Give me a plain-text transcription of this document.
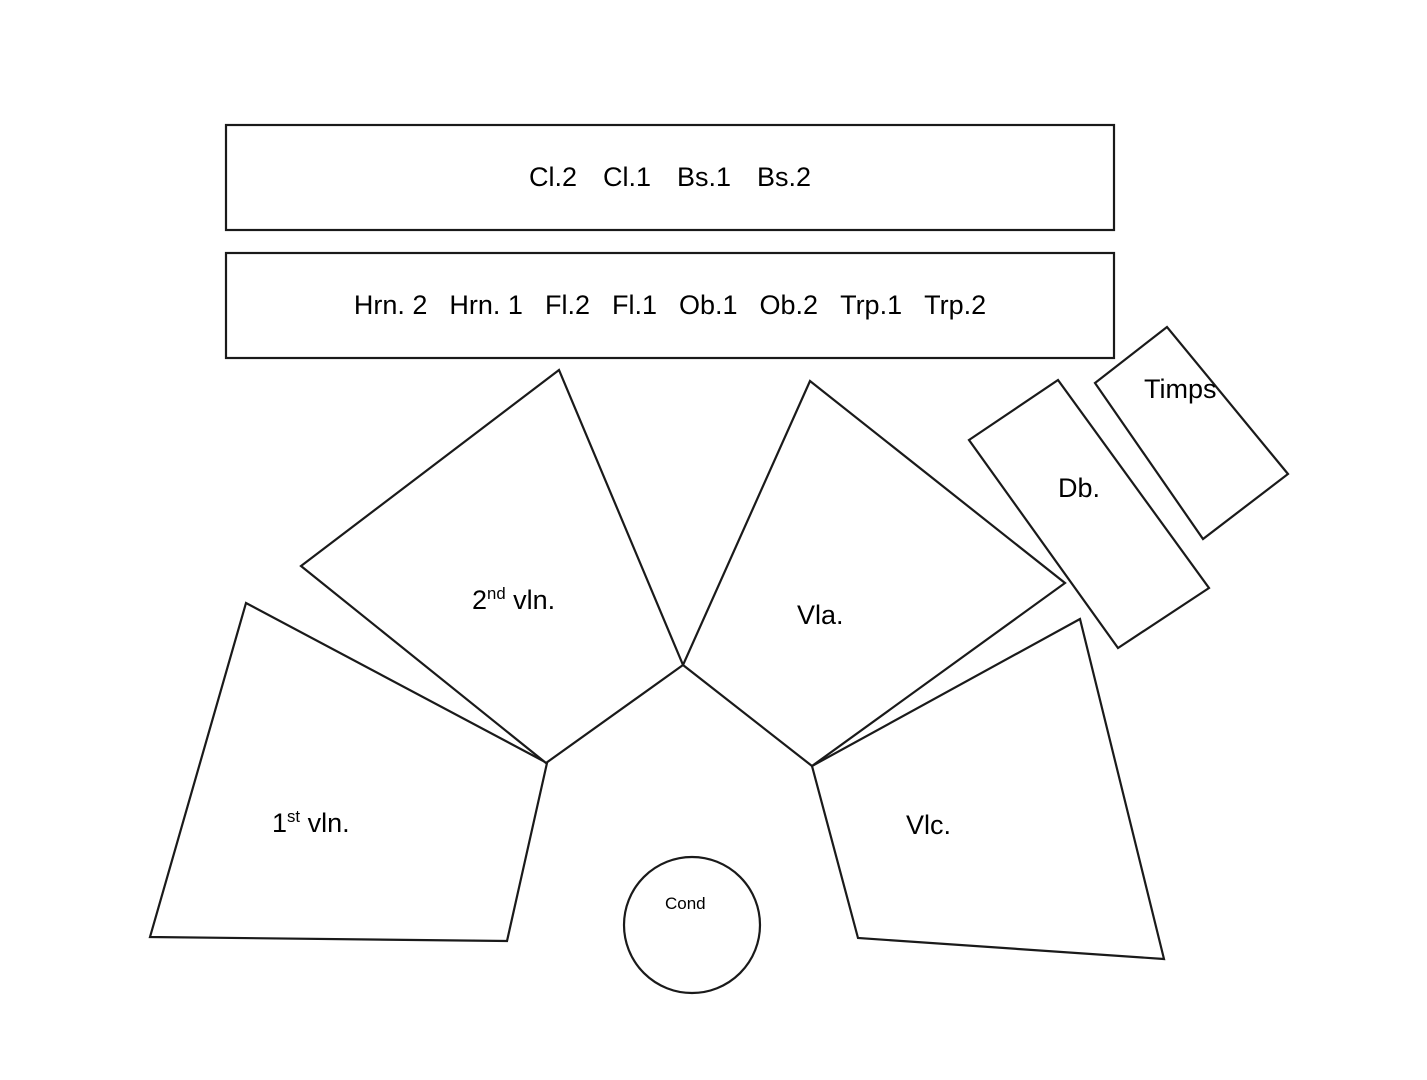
Cl.2 Cl.1 Bs.1 Bs.2
Hrn. 2 Hrn. 1 Fl.2 Fl.1 Ob.1 Ob.2 Trp.1 Trp.2
1st vln.
2nd vln.	Vla.
Vlc.
Db.
Timps
Cond
